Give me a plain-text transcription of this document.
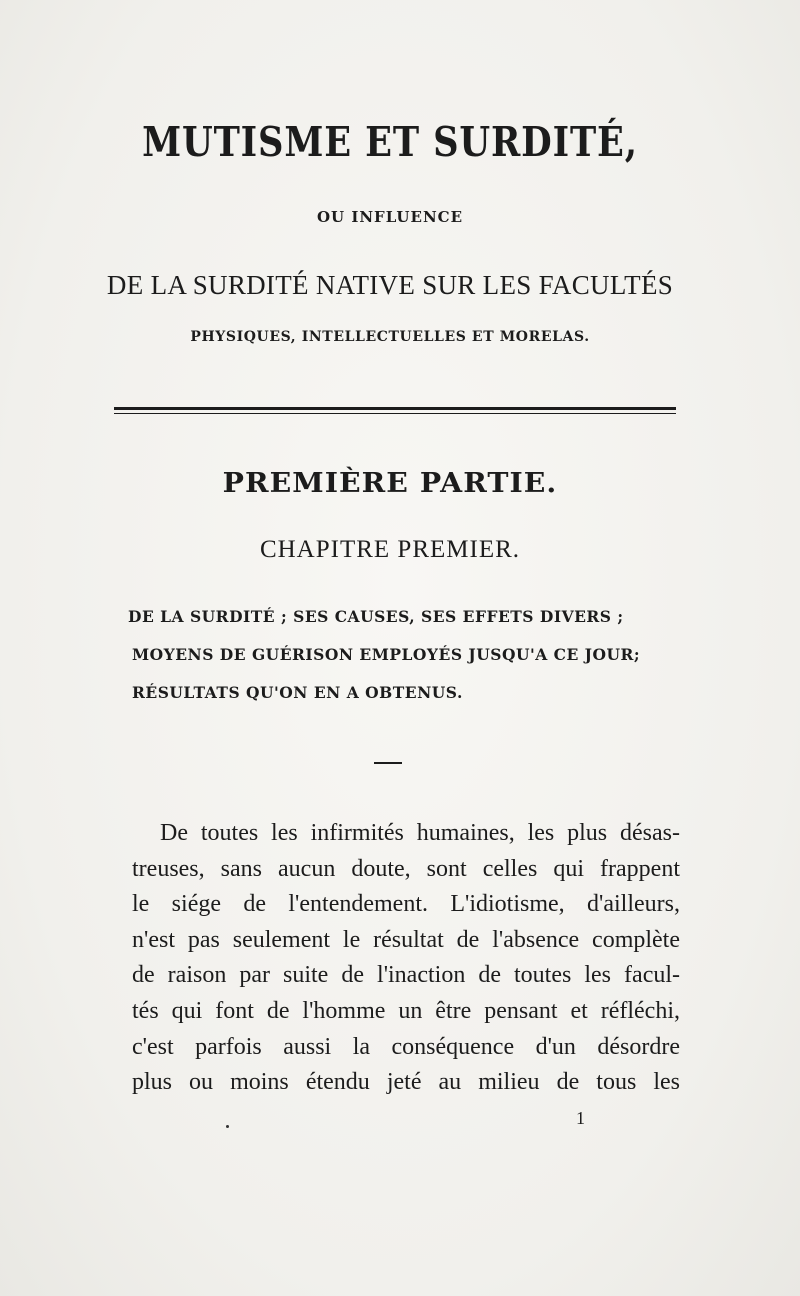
MUTISME ET SURDITÉ,
OU INFLUENCE
DE LA SURDITÉ NATIVE SUR LES FACULTÉS
PHYSIQUES, INTELLECTUELLES ET MORELAS.
PREMIÈRE PARTIE.
CHAPITRE PREMIER.
DE LA SURDITÉ ; SES CAUSES, SES EFFETS DIVERS ;
MOYENS DE GUÉRISON EMPLOYÉS JUSQU'A CE JOUR;
RÉSULTATS QU'ON EN A OBTENUS.
De toutes les infirmités humaines, les plus désas-
treuses, sans aucun doute, sont celles qui frappent
le siége de l'entendement. L'idiotisme, d'ailleurs,
n'est pas seulement le résultat de l'absence complète
de raison par suite de l'inaction de toutes les facul-
tés qui font de l'homme un être pensant et réfléchi,
c'est parfois aussi la conséquence d'un désordre
plus ou moins étendu jeté au milieu de tous les
1
